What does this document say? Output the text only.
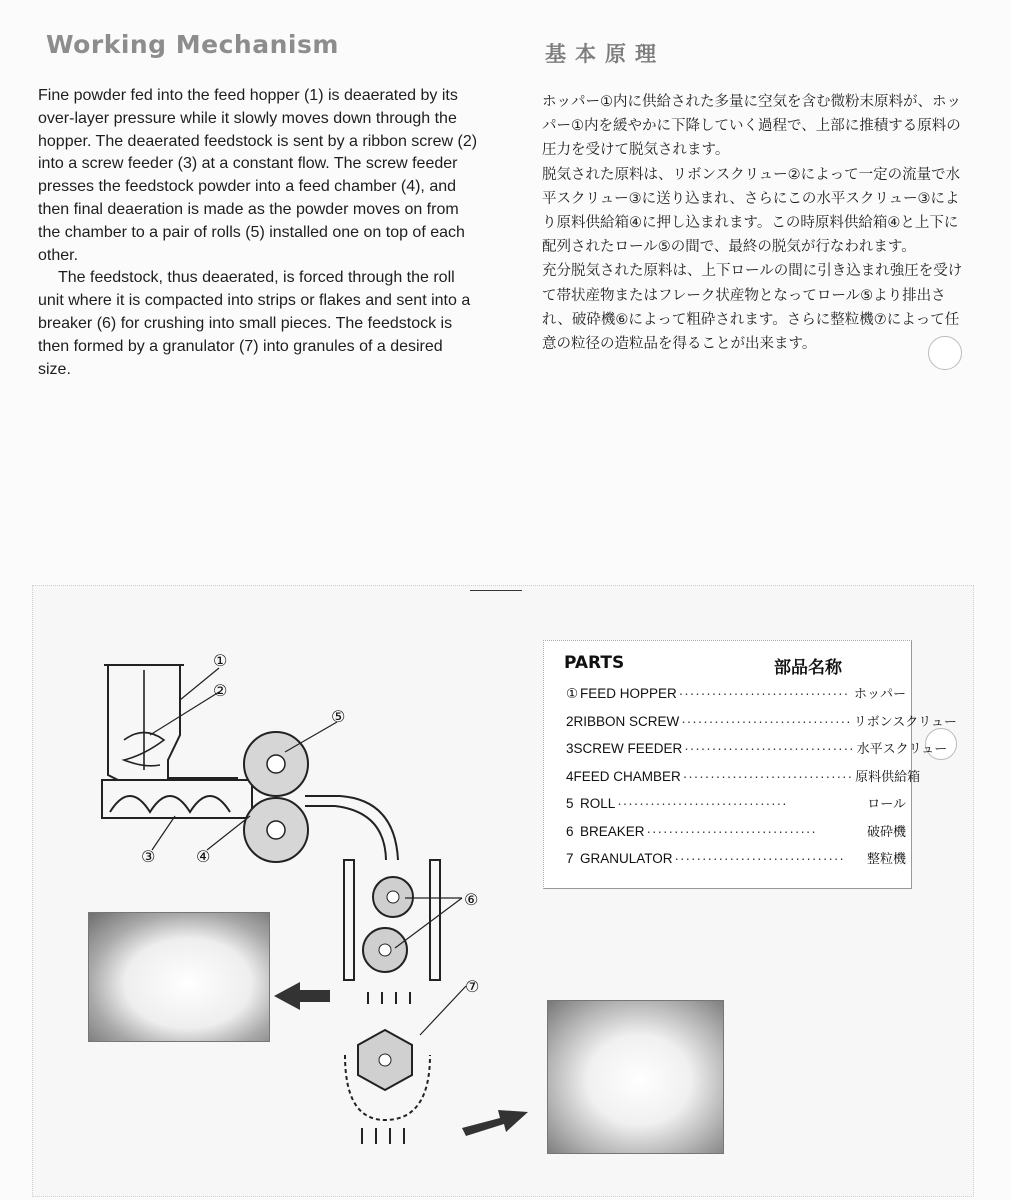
Working Mechanism

Fine powder fed into the feed hopper (1) is deaerated by its over-layer pressure while it slowly moves down through the hopper. The deaerated feedstock is sent by a ribbon screw (2) into a screw feeder (3) at a constant flow. The screw feeder presses the feedstock powder into a feed chamber (4), and then final deaeration is made as the powder moves on from the chamber to a pair of rolls (5) installed one on top of each other.

The feedstock, thus deaerated, is forced through the roll unit where it is compacted into strips or flakes and sent into a breaker (6) for crushing into small pieces. The feedstock is then formed by a granulator (7) into granules of a desired size.

基本原理

ホッパー①内に供給された多量に空気を含む微粉末原料が、ホッパー①内を緩やかに下降していく過程で、上部に推積する原料の圧力を受けて脱気されます。

脱気された原料は、リボンスクリュー②によって一定の流量で水平スクリュー③に送り込まれ、さらにこの水平スクリュー③により原料供給箱④に押し込まれます。この時原料供給箱④と上下に配列されたロール⑤の間で、最終の脱気が行なわれます。

充分脱気された原料は、上下ロールの間に引き込まれ強圧を受けて帯状産物またはフレーク状産物となってロール⑤より排出され、破砕機⑥によって粗砕されます。さらに整粒機⑦によって任意の粒径の造粒品を得ることが出来ます。

①
②
⑤
③	④
⑥
⑦
PARTS	部品名称
① FEED HOPPER ······························· ホッパー
2 RIBBON SCREW ······························· リボンスクリュー
3 SCREW FEEDER ······························· 水平スクリュー
4 FEED CHAMBER ······························· 原料供給箱
5 ROLL ·······························	ロール
6 BREAKER ·······························	破砕機
7 GRANULATOR ·······························	整粒機
